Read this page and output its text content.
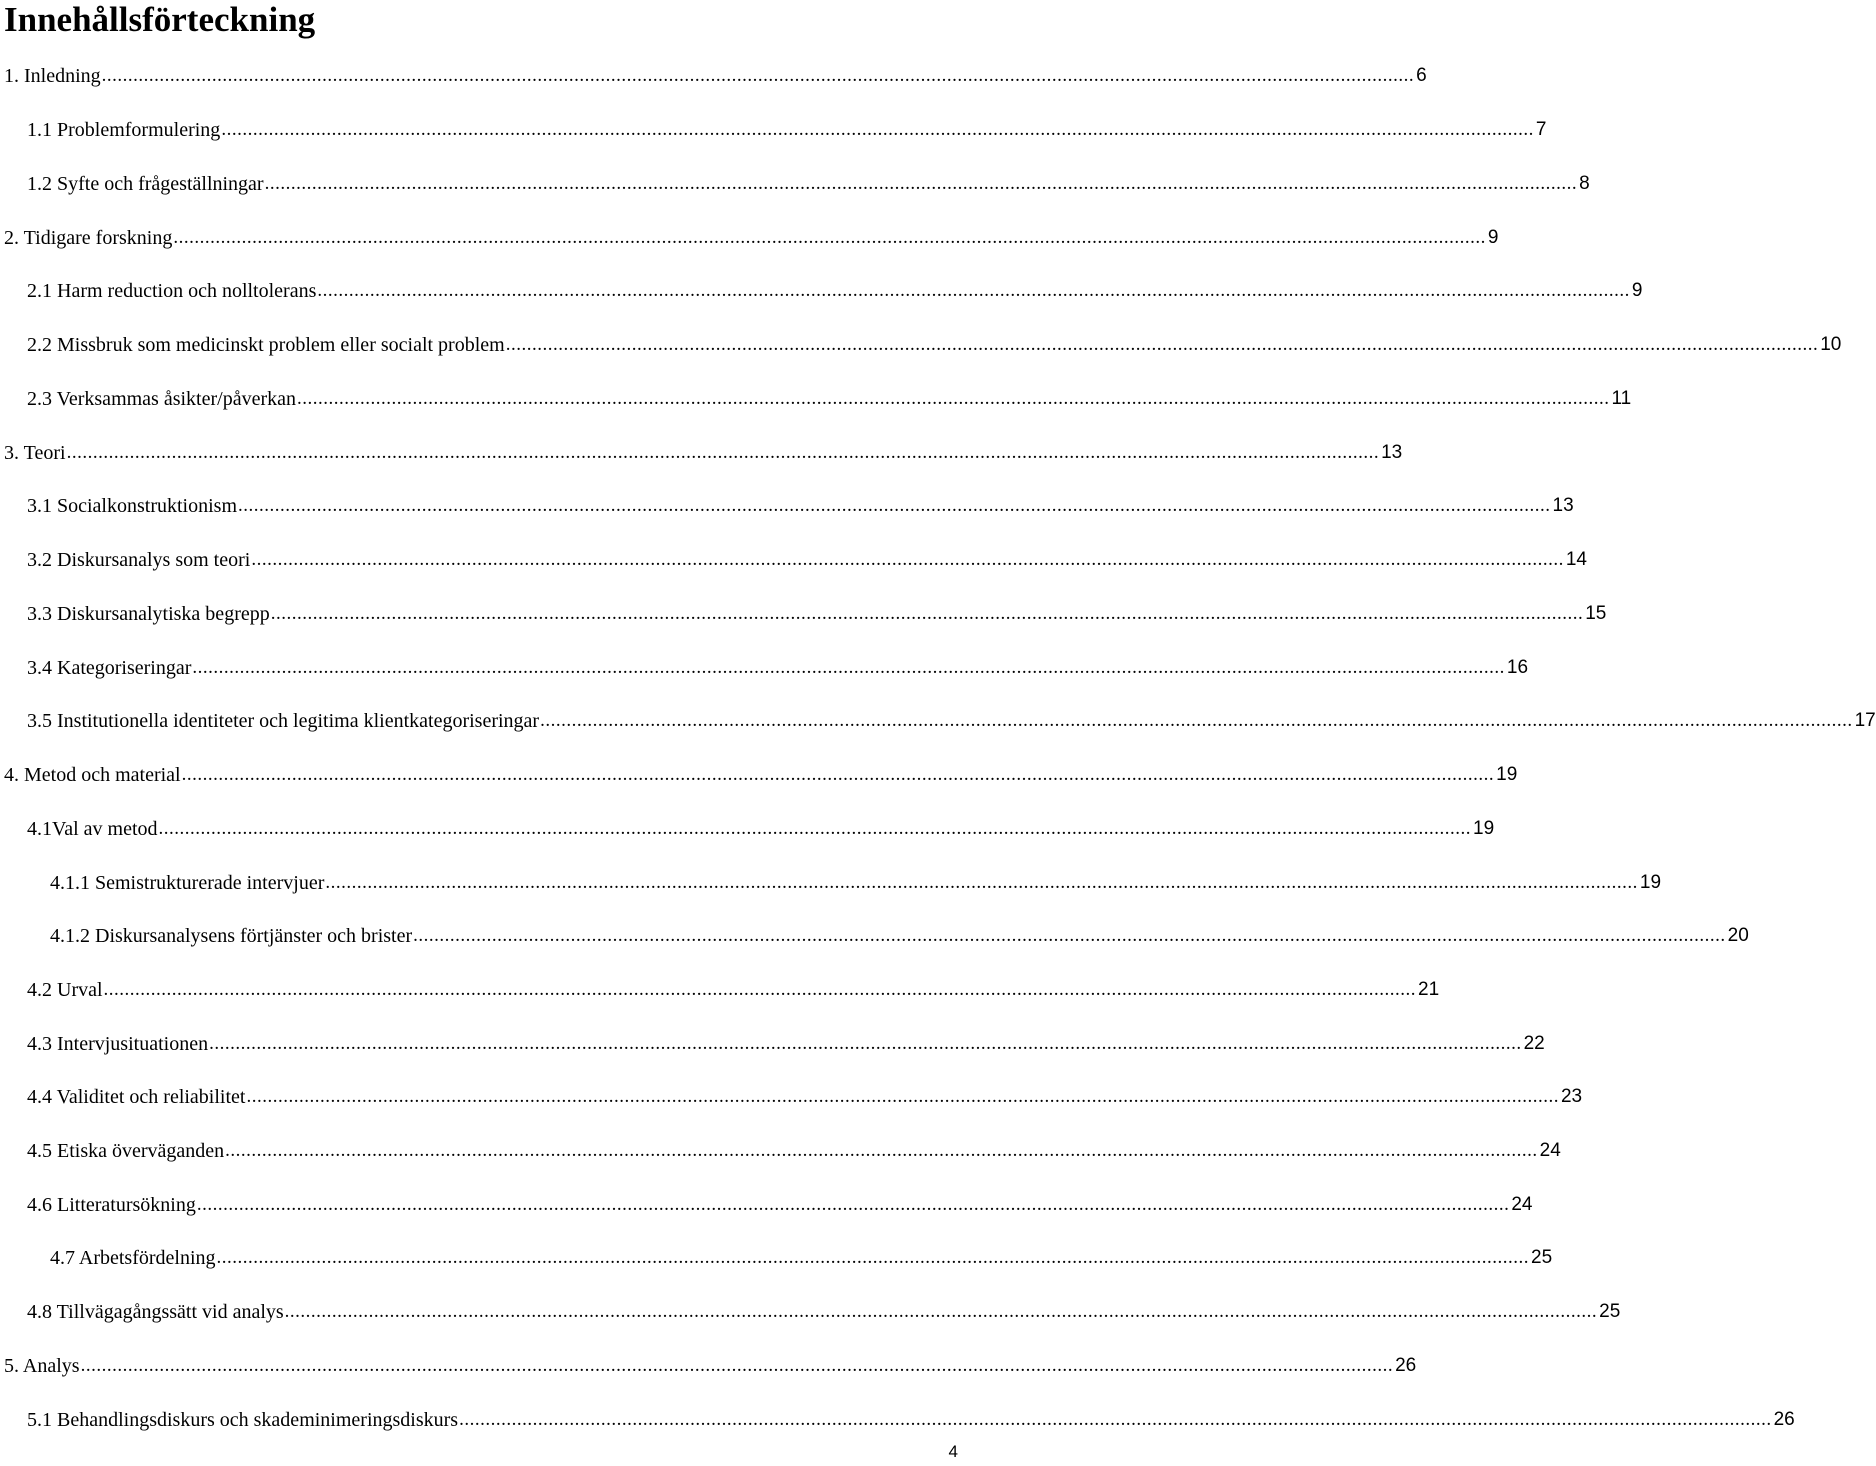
Innehållsförteckning
1. Inledning .......................................................................................................................................................................................................................................................... 6
1.1 Problemformulering .......................................................................................................................................................................................................................................................... 7
1.2 Syfte och frågeställningar .......................................................................................................................................................................................................................................................... 8
2. Tidigare forskning .......................................................................................................................................................................................................................................................... 9
2.1 Harm reduction och nolltolerans .......................................................................................................................................................................................................................................................... 9
2.2 Missbruk som medicinskt problem eller socialt problem .......................................................................................................................................................................................................................................................... 10
2.3 Verksammas åsikter/påverkan .......................................................................................................................................................................................................................................................... 11
3. Teori .......................................................................................................................................................................................................................................................... 13
3.1 Socialkonstruktionism .......................................................................................................................................................................................................................................................... 13
3.2 Diskursanalys som teori .......................................................................................................................................................................................................................................................... 14
3.3 Diskursanalytiska begrepp .......................................................................................................................................................................................................................................................... 15
3.4 Kategoriseringar .......................................................................................................................................................................................................................................................... 16
3.5 Institutionella identiteter och legitima klientkategoriseringar .......................................................................................................................................................................................................................................................... 17
4. Metod och material .......................................................................................................................................................................................................................................................... 19
4.1Val av metod .......................................................................................................................................................................................................................................................... 19
4.1.1 Semistrukturerade intervjuer .......................................................................................................................................................................................................................................................... 19
4.1.2 Diskursanalysens förtjänster och brister .......................................................................................................................................................................................................................................................... 20
4.2 Urval .......................................................................................................................................................................................................................................................... 21
4.3 Intervjusituationen .......................................................................................................................................................................................................................................................... 22
4.4 Validitet och reliabilitet .......................................................................................................................................................................................................................................................... 23
4.5 Etiska överväganden .......................................................................................................................................................................................................................................................... 24
4.6 Litteratursökning .......................................................................................................................................................................................................................................................... 24
4.7 Arbetsfördelning .......................................................................................................................................................................................................................................................... 25
4.8 Tillvägagångssätt vid analys .......................................................................................................................................................................................................................................................... 25
5. Analys .......................................................................................................................................................................................................................................................... 26
5.1 Behandlingsdiskurs och skademinimeringsdiskurs .......................................................................................................................................................................................................................................................... 26
4
